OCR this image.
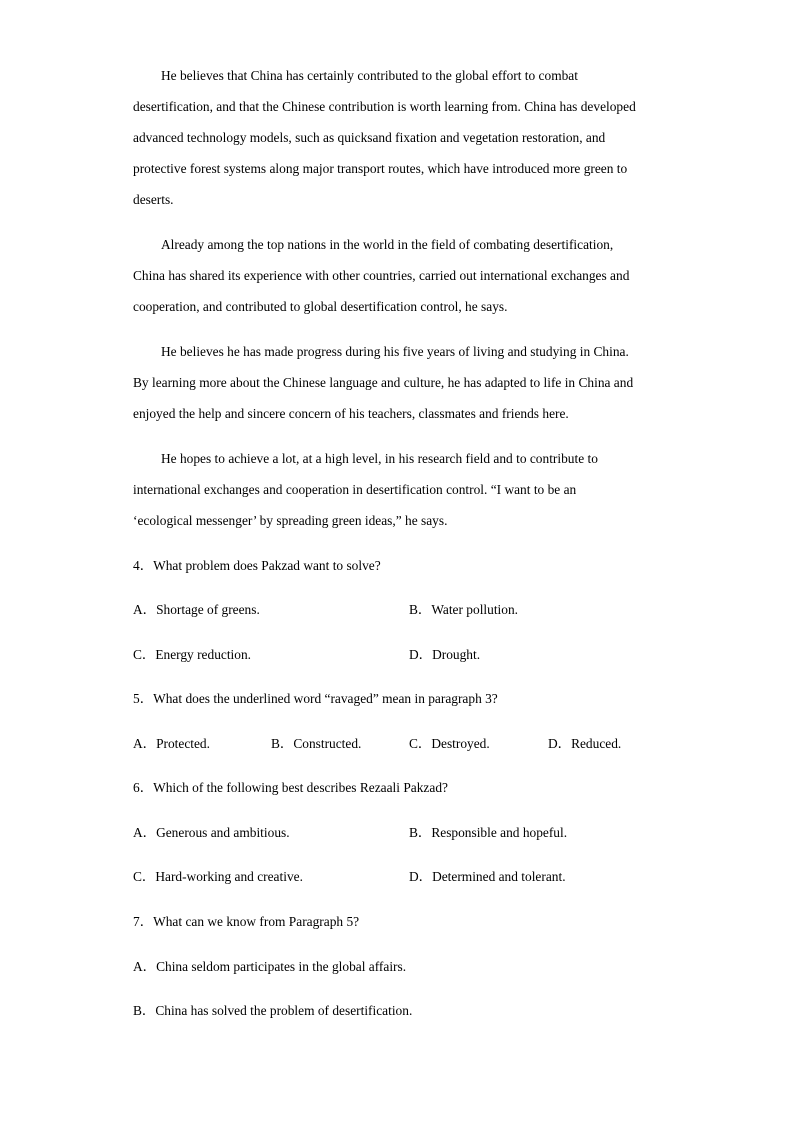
He believes that China has certainly contributed to the global effort to combat
desertification, and that the Chinese contribution is worth learning from. China has developed
advanced technology models, such as quicksand fixation and vegetation restoration, and
protective forest systems along major transport routes, which have introduced more green to
deserts.

Already among the top nations in the world in the field of combating desertification,
China has shared its experience with other countries, carried out international exchanges and
cooperation, and contributed to global desertification control, he says.

He believes he has made progress during his five years of living and studying in China.
By learning more about the Chinese language and culture, he has adapted to life in China and
enjoyed the help and sincere concern of his teachers, classmates and friends here.

He hopes to achieve a lot, at a high level, in his research field and to contribute to
international exchanges and cooperation in desertification control. “I want to be an
‘ecological messenger’ by spreading green ideas,” he says.

4．What problem does Pakzad want to solve?

A．Shortage of greens.	B．Water pollution.

C．Energy reduction.	D．Drought.

5．What does the underlined word “ravaged” mean in paragraph 3?

A．Protected.	B．Constructed.	C．Destroyed.	D．Reduced.

6．Which of the following best describes Rezaali Pakzad?

A．Generous and ambitious.	B．Responsible and hopeful.

C．Hard-working and creative.	D．Determined and tolerant.

7．What can we know from Paragraph 5?

A．China seldom participates in the global affairs.

B．China has solved the problem of desertification.
